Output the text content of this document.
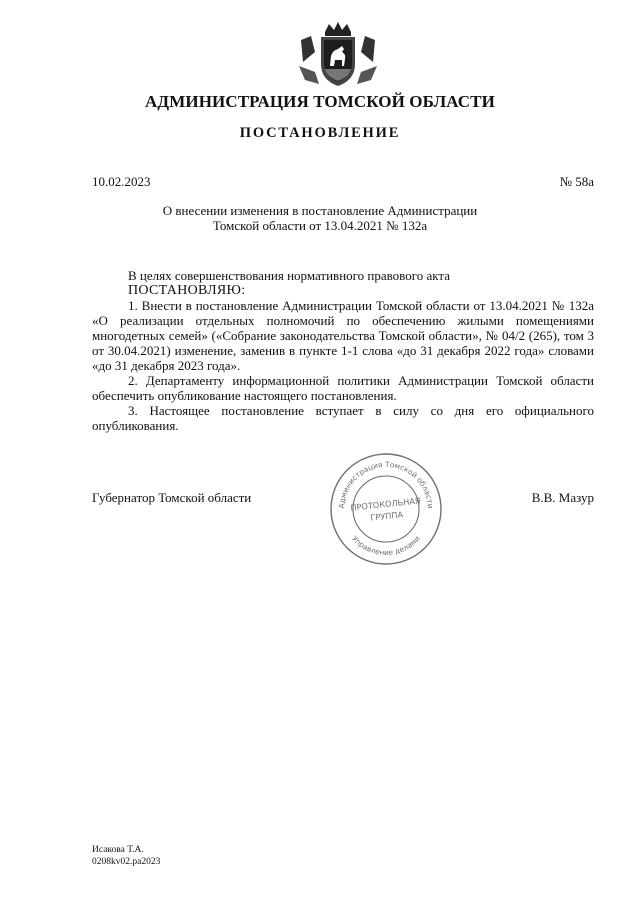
АДМИНИСТРАЦИЯ ТОМСКОЙ ОБЛАСТИ
ПОСТАНОВЛЕНИЕ
10.02.2023	№ 58а
О внесении изменения в постановление Администрации
Томской области от 13.04.2021 № 132а

В целях совершенствования нормативного правового акта

ПОСТАНОВЛЯЮ:

1. Внести в постановление Администрации Томской области от 13.04.2021 № 132а «О реализации отдельных полномочий по обеспечению жилыми помещениями многодетных семей» («Собрание законодательства Томской области», № 04/2 (265), том 3 от 30.04.2021) изменение, заменив в пункте 1-1 слова «до 31 декабря 2022 года» словами «до 31 декабря 2023 года».

2. Департаменту информационной политики Администрации Томской области обеспечить опубликование настоящего постановления.

3. Настоящее постановление вступает в силу со дня его официального опубликования.

Губернатор Томской области	В.В. Мазур
Администрация Томской области
Управление делами
ПРОТОКОЛЬНАЯ
ГРУППА
Исакова Т.А.
0208kv02.ра2023
